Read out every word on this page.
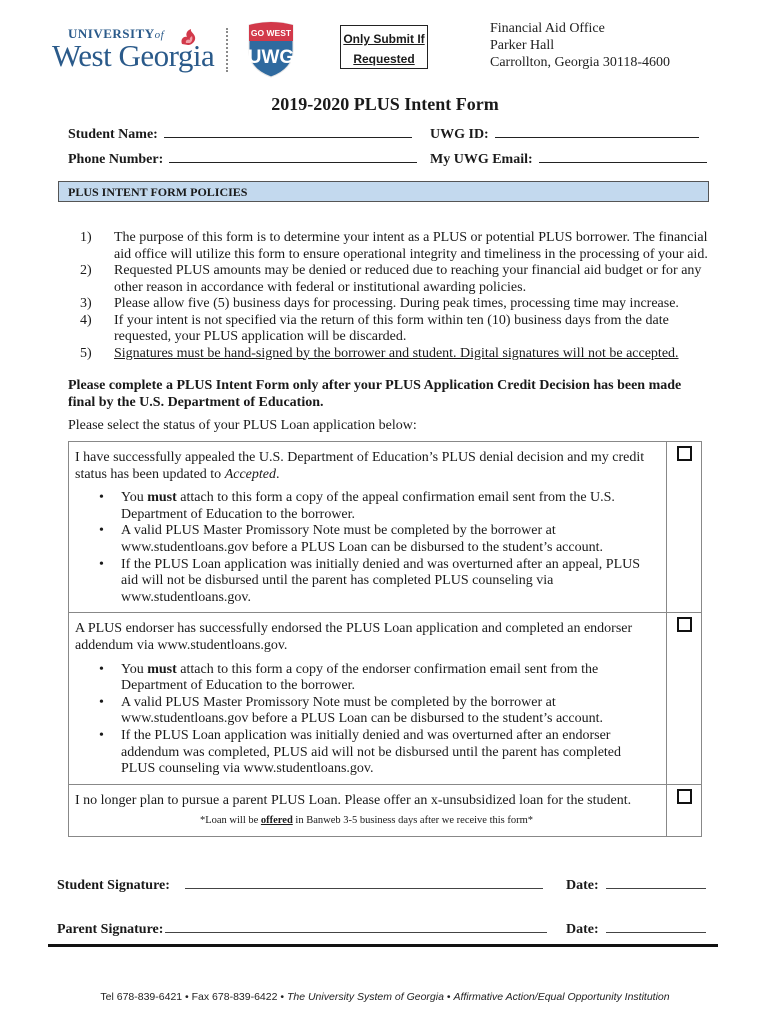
UNIVERSITYof
West Georgia
GO WEST
UWG
Only Submit If
Requested
Financial Aid Office
Parker Hall
Carrollton, Georgia 30118-4600
2019-2020 PLUS Intent Form
Student Name:	UWG ID:
Phone Number:	My UWG Email:
PLUS INTENT FORM POLICIES
1) The purpose of this form is to determine your intent as a PLUS or potential PLUS borrower. The financial aid office will utilize this form to ensure operational integrity and timeliness in the processing of your aid.
2) Requested PLUS amounts may be denied or reduced due to reaching your financial aid budget or for any other reason in accordance with federal or institutional awarding policies.
3) Please allow five (5) business days for processing. During peak times, processing time may increase.
4) If your intent is not specified via the return of this form within ten (10) business days from the date requested, your PLUS application will be discarded.
5) Signatures must be hand-signed by the borrower and student. Digital signatures will not be accepted.
Please complete a PLUS Intent Form only after your PLUS Application Credit Decision has been made final by the U.S. Department of Education.
Please select the status of your PLUS Loan application below:
I have successfully appealed the U.S. Department of Education’s PLUS denial decision and my credit status has been updated to Accepted.
• You must attach to this form a copy of the appeal confirmation email sent from the U.S. Department of Education to the borrower.
• A valid PLUS Master Promissory Note must be completed by the borrower at www.studentloans.gov before a PLUS Loan can be disbursed to the student’s account.
• If the PLUS Loan application was initially denied and was overturned after an appeal, PLUS aid will not be disbursed until the parent has completed PLUS counseling via www.studentloans.gov.

A PLUS endorser has successfully endorsed the PLUS Loan application and completed an endorser addendum via www.studentloans.gov.
• You must attach to this form a copy of the endorser confirmation email sent from the Department of Education to the borrower.
• A valid PLUS Master Promissory Note must be completed by the borrower at www.studentloans.gov before a PLUS Loan can be disbursed to the student’s account.
• If the PLUS Loan application was initially denied and was overturned after an endorser addendum was completed, PLUS aid will not be disbursed until the parent has completed PLUS counseling via www.studentloans.gov.

I no longer plan to pursue a parent PLUS Loan. Please offer an x-unsubsidized loan for the student.
*Loan will be offered in Banweb 3-5 business days after we receive this form*	

Student Signature:	Date:
Parent Signature:	Date:
Tel 678-839-6421 • Fax 678-839-6422 • The University System of Georgia • Affirmative Action/Equal Opportunity Institution
